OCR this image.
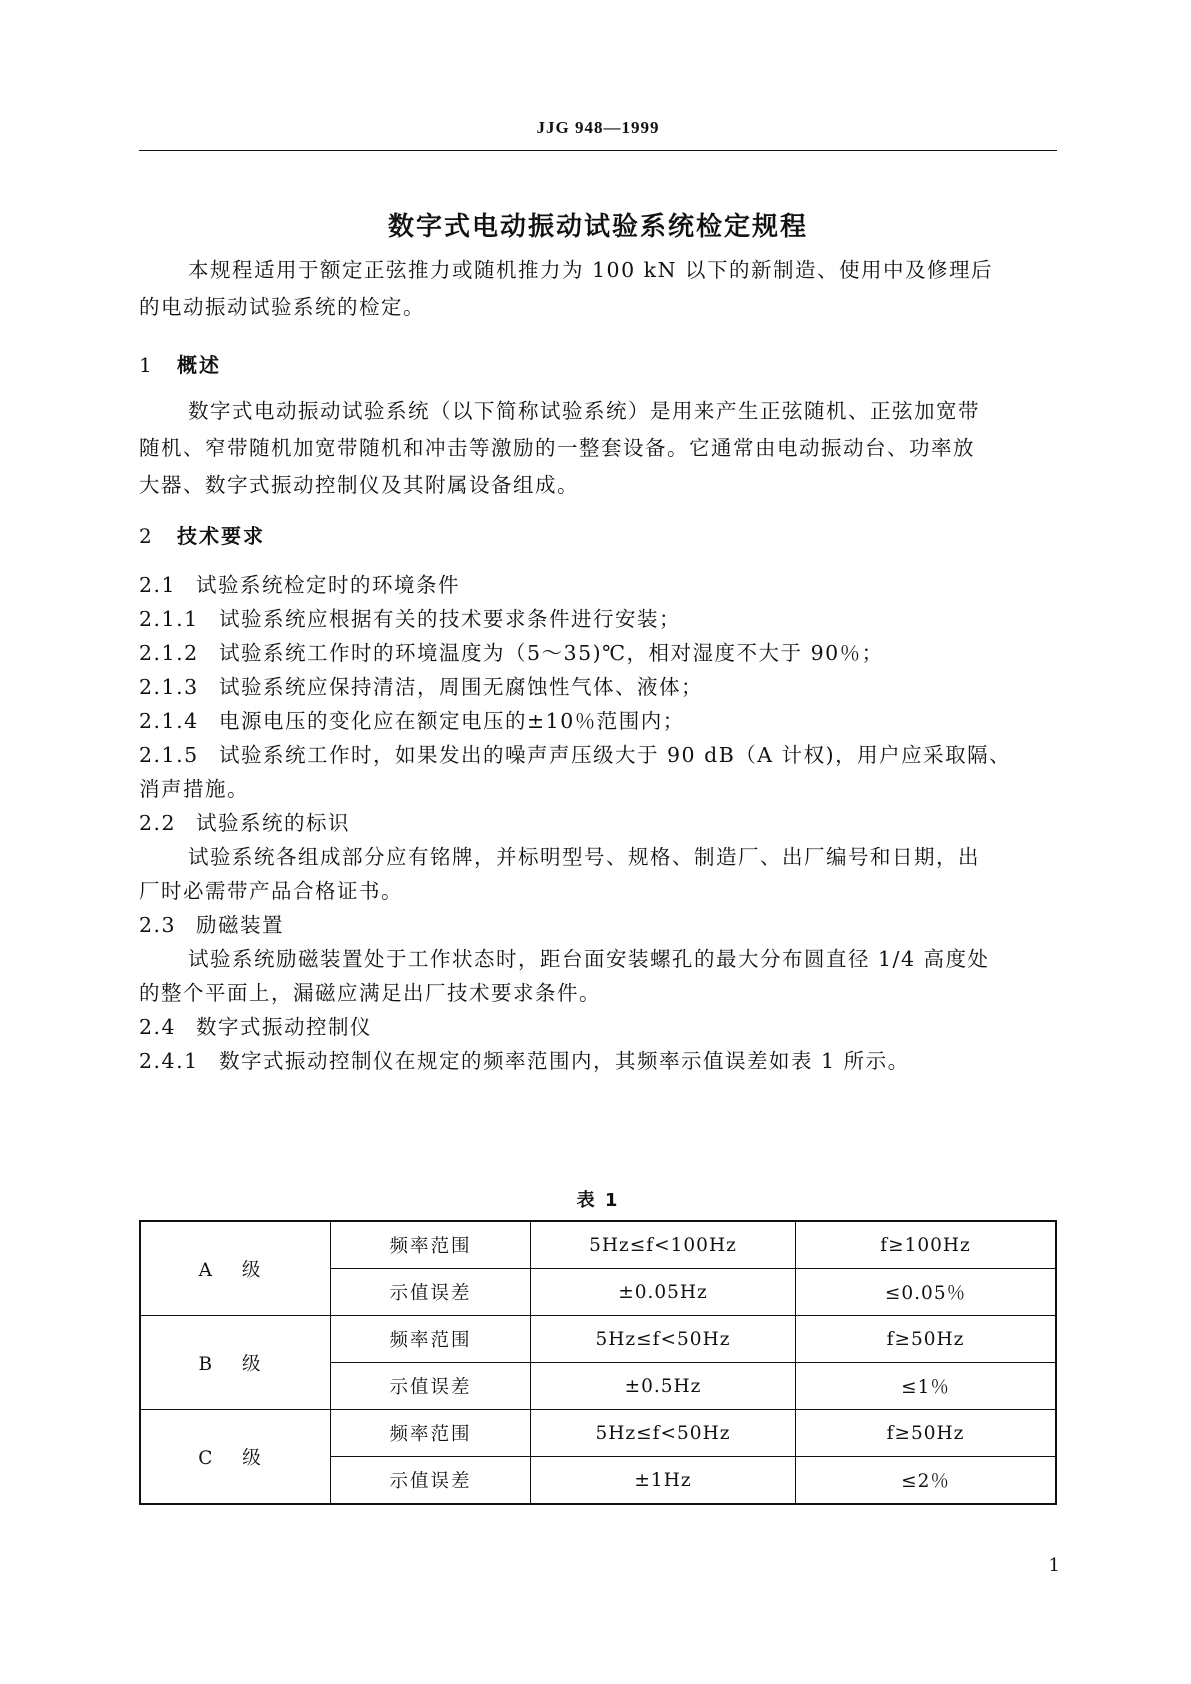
JJG 948—1999
数字式电动振动试验系统检定规程
本规程适用于额定正弦推力或随机推力为 100 kN 以下的新制造、使用中及修理后
的电动振动试验系统的检定。
1 概述
数字式电动振动试验系统（以下简称试验系统）是用来产生正弦随机、正弦加宽带
随机、窄带随机加宽带随机和冲击等激励的一整套设备。它通常由电动振动台、功率放
大器、数字式振动控制仪及其附属设备组成。
2 技术要求
2.1 试验系统检定时的环境条件
2.1.1 试验系统应根据有关的技术要求条件进行安装；
2.1.2 试验系统工作时的环境温度为（5～35)℃，相对湿度不大于 90％；
2.1.3 试验系统应保持清洁，周围无腐蚀性气体、液体；
2.1.4 电源电压的变化应在额定电压的±10％范围内；
2.1.5 试验系统工作时，如果发出的噪声声压级大于 90 dB（A 计权)，用户应采取隔、
消声措施。
2.2 试验系统的标识
试验系统各组成部分应有铭牌，并标明型号、规格、制造厂、出厂编号和日期，出
厂时必需带产品合格证书。
2.3 励磁装置
试验系统励磁装置处于工作状态时，距台面安装螺孔的最大分布圆直径 1/4 高度处
的整个平面上，漏磁应满足出厂技术要求条件。
2.4 数字式振动控制仪
2.4.1 数字式振动控制仪在规定的频率范围内，其频率示值误差如表 1 所示。
表 1
A 级	频率范围	5Hz≤f<100Hz	f≥100Hz
	示值误差	±0.05Hz	≤0.05％
B 级	频率范围	5Hz≤f<50Hz	f≥50Hz
	示值误差	±0.5Hz	≤1％
C 级	频率范围	5Hz≤f<50Hz	f≥50Hz
	示值误差	±1Hz	≤2％
1
